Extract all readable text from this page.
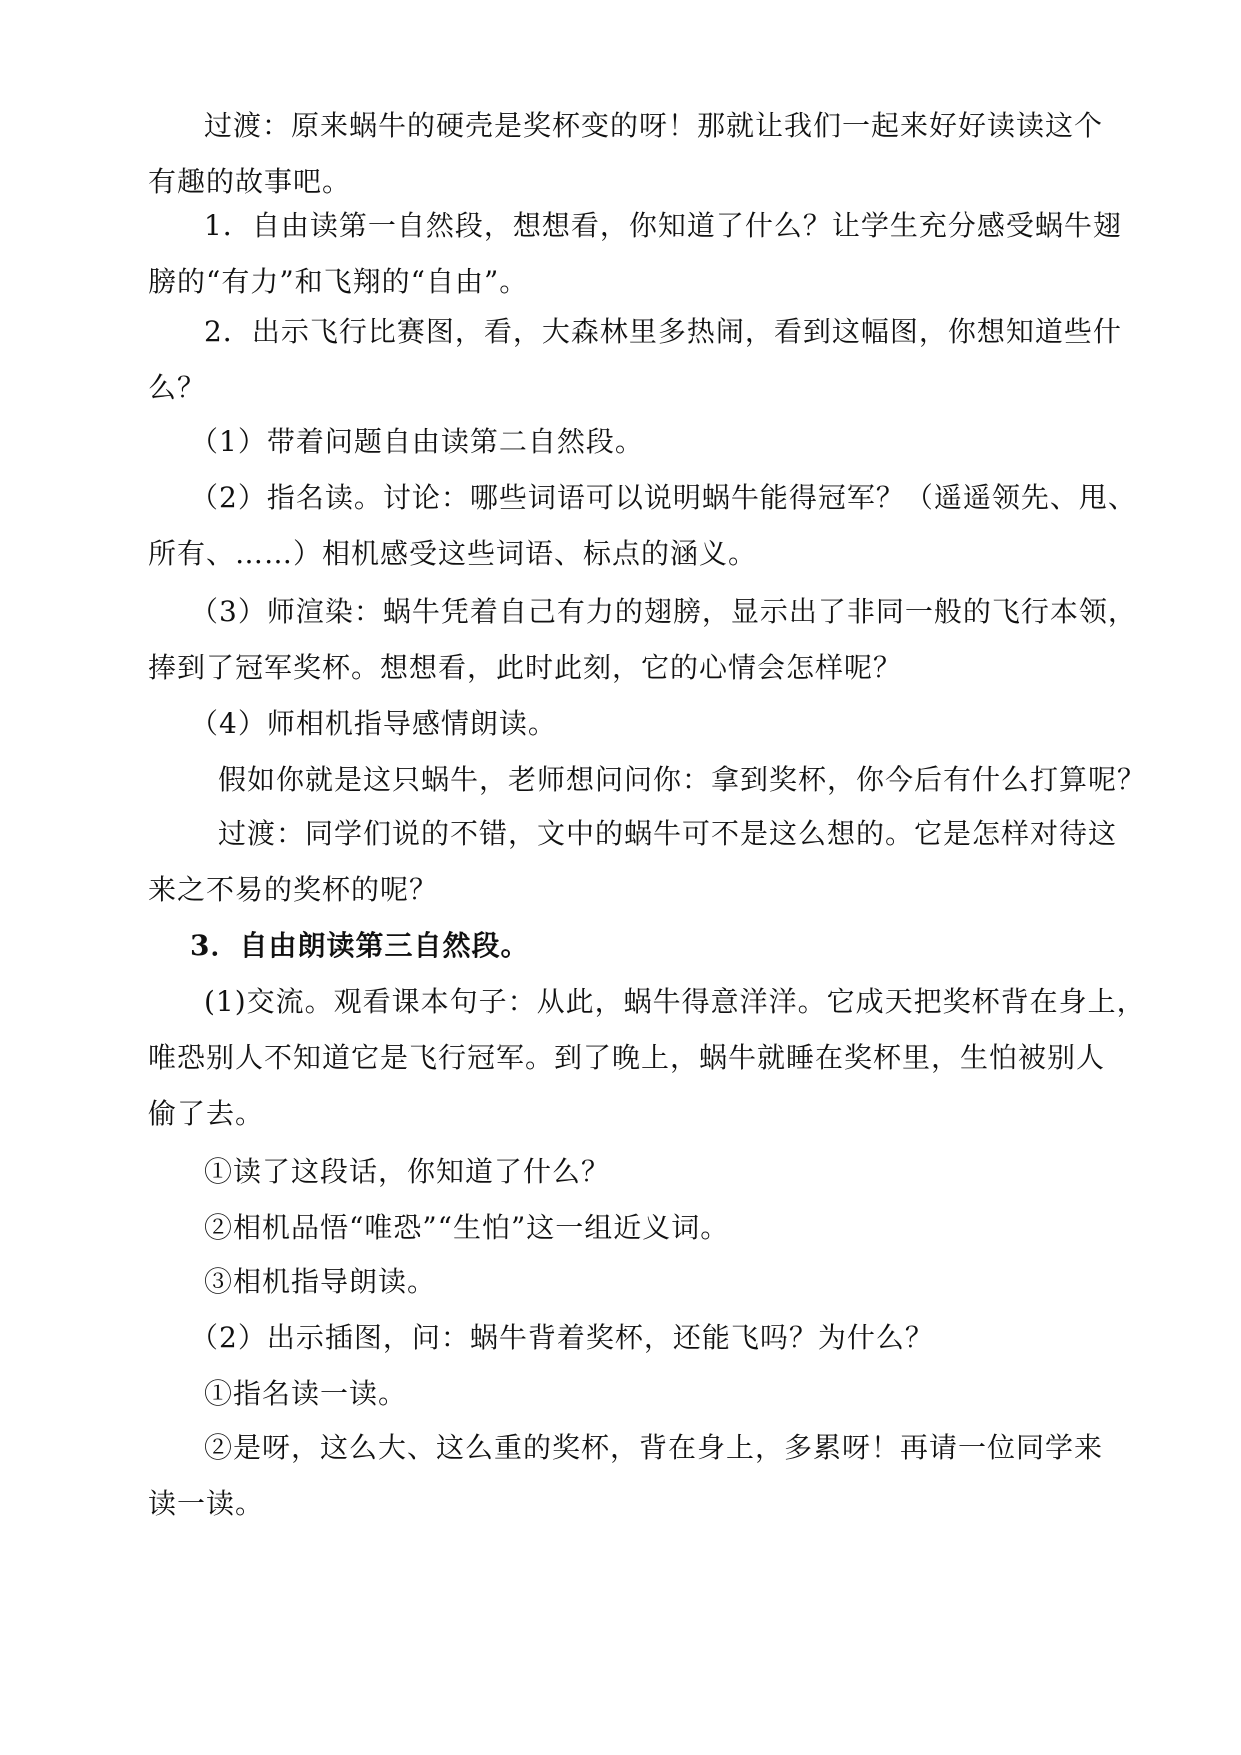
过渡：原来蜗牛的硬壳是奖杯变的呀！那就让我们一起来好好读读这个
有趣的故事吧。
1．自由读第一自然段，想想看，你知道了什么？让学生充分感受蜗牛翅
膀的“有力”和飞翔的“自由”。
2．出示飞行比赛图，看，大森林里多热闹，看到这幅图，你想知道些什
么？
（1）带着问题自由读第二自然段。
（2）指名读。讨论：哪些词语可以说明蜗牛能得冠军？（遥遥领先、甩、
所有、……）相机感受这些词语、标点的涵义。
（3）师渲染：蜗牛凭着自己有力的翅膀，显示出了非同一般的飞行本领，
捧到了冠军奖杯。想想看，此时此刻，它的心情会怎样呢？
（4）师相机指导感情朗读。
假如你就是这只蜗牛，老师想问问你：拿到奖杯，你今后有什么打算呢？
过渡：同学们说的不错，文中的蜗牛可不是这么想的。它是怎样对待这
来之不易的奖杯的呢？
3．自由朗读第三自然段。
(1)交流。观看课本句子：从此，蜗牛得意洋洋。它成天把奖杯背在身上，
唯恐别人不知道它是飞行冠军。到了晚上，蜗牛就睡在奖杯里，生怕被别人
偷了去。
①读了这段话，你知道了什么？
②相机品悟“唯恐”“生怕”这一组近义词。
③相机指导朗读。
（2）出示插图，问：蜗牛背着奖杯，还能飞吗？为什么？
①指名读一读。
②是呀，这么大、这么重的奖杯，背在身上，多累呀！再请一位同学来
读一读。
